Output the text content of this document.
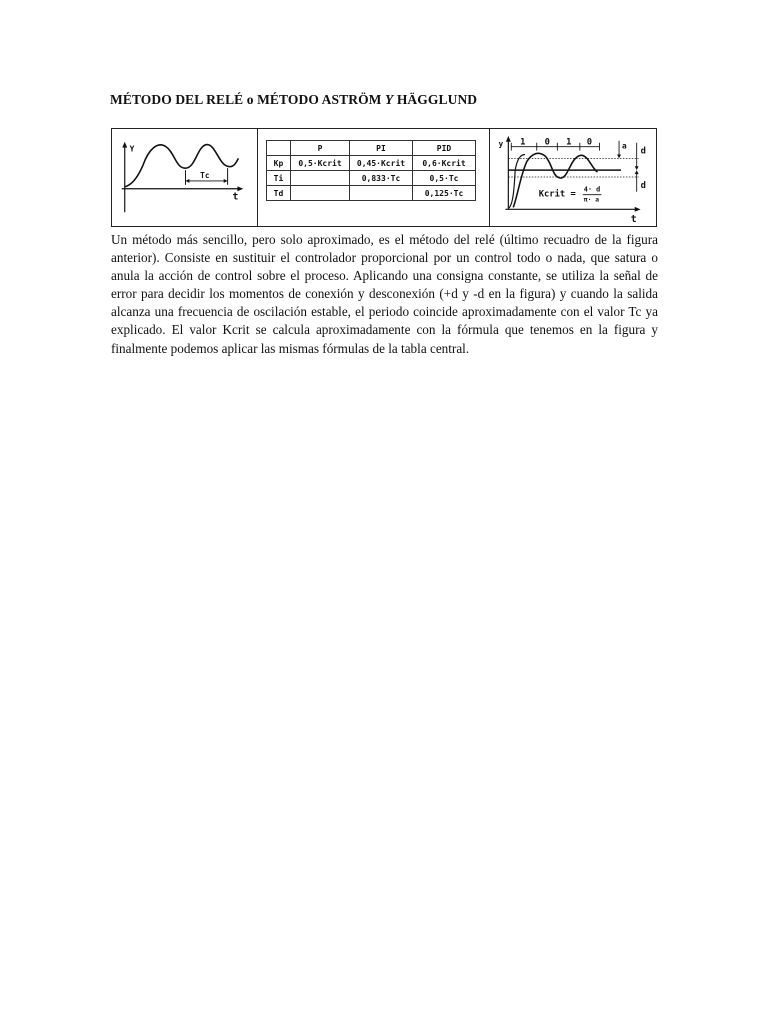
MÉTODO DEL RELÉ o MÉTODO ASTRÖM Y HÄGGLUND
Y
t
Tc
	P	PI	PID
Kp	0,5·Kcrit	0,45·Kcrit	0,6·Kcrit
Ti		0,833·Tc	0,5·Tc
Td			0,125·Tc
y
t
1 0 1 0	a
d
d
Kcrit = 4· d
π· a

Un método más sencillo, pero solo aproximado, es el método del relé (último recuadro de la figura anterior). Consiste en sustituir el controlador proporcional por un control todo o nada, que satura o anula la acción de control sobre el proceso. Aplicando una consigna constante, se utiliza la señal de error para decidir los momentos de conexión y desconexión (+d y -d en la figura) y cuando la salida alcanza una frecuencia de oscilación estable, el periodo coincide aproximadamente con el valor Tc ya explicado. El valor Kcrit se calcula aproximadamente con la fórmula que tenemos en la figura y finalmente podemos aplicar las mismas fórmulas de la tabla central.
